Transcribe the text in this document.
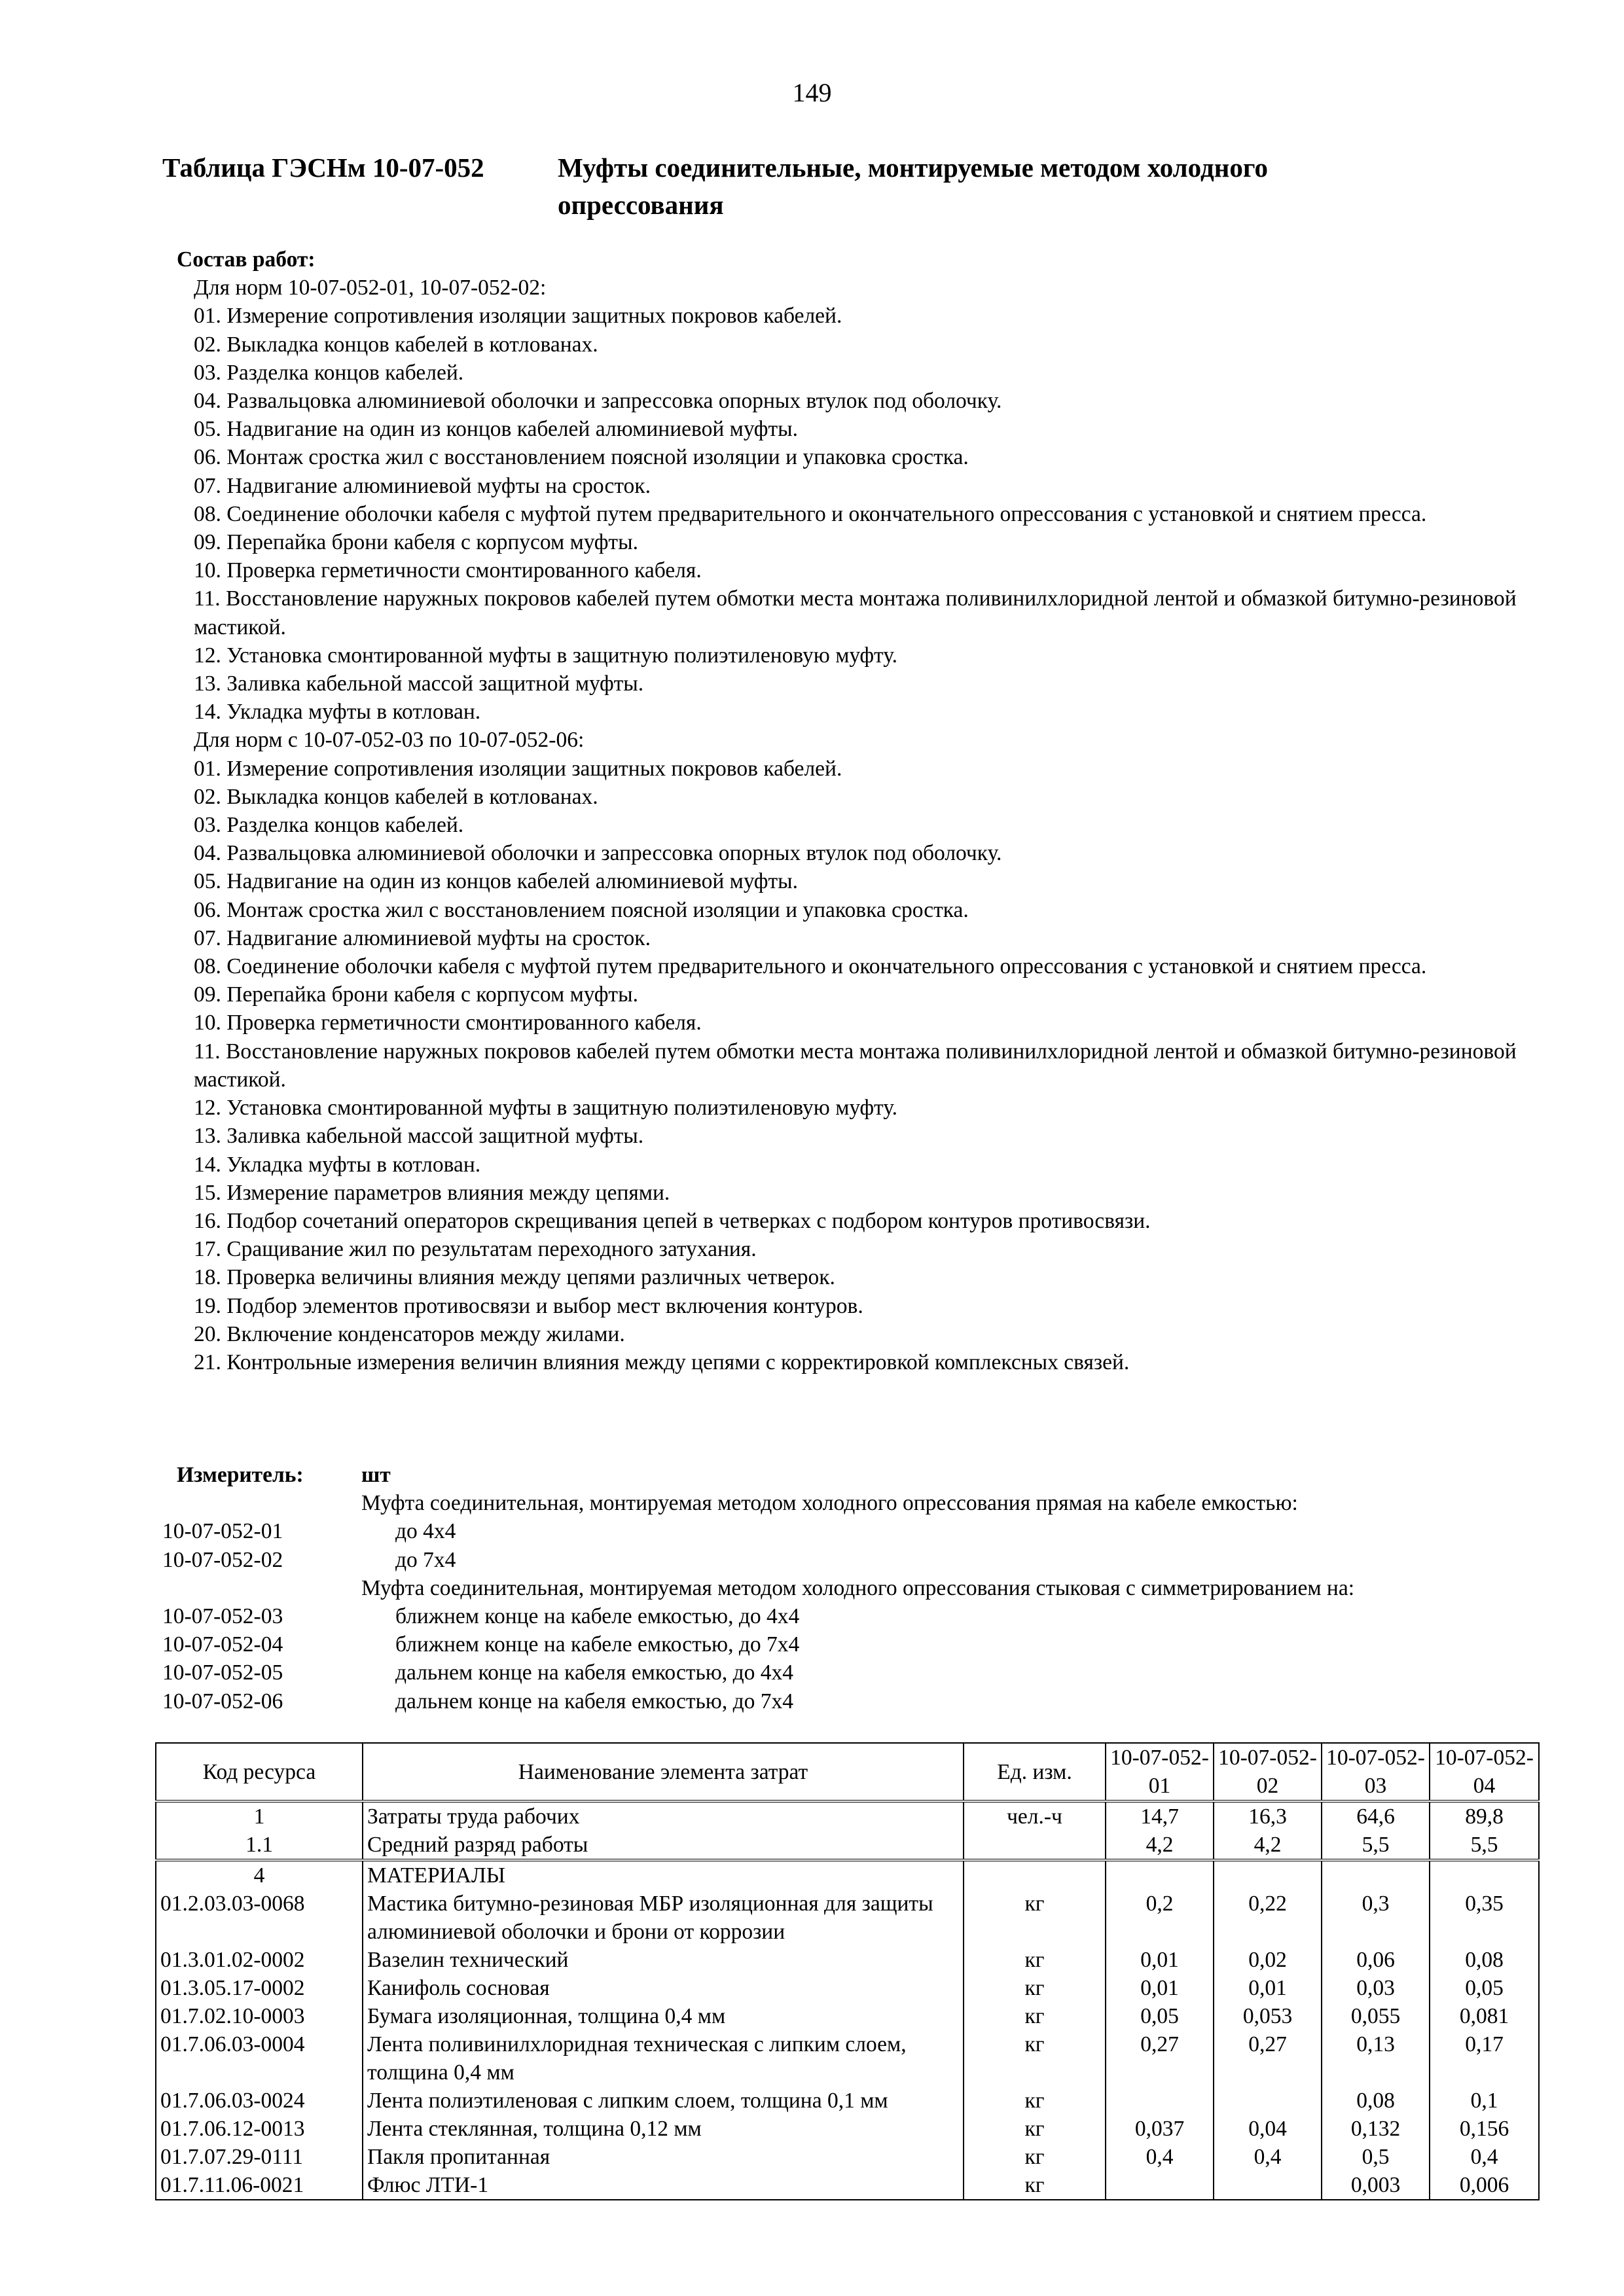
149
Таблица ГЭСНм 10-07-052	Муфты соединительные, монтируемые методом холодного опрессования
Состав работ:
Для норм 10-07-052-01, 10-07-052-02:
01. Измерение сопротивления изоляции защитных покровов кабелей.
02. Выкладка концов кабелей в котлованах.
03. Разделка концов кабелей.
04. Развальцовка алюминиевой оболочки и запрессовка опорных втулок под оболочку.
05. Надвигание на один из концов кабелей алюминиевой муфты.
06. Монтаж сростка жил с восстановлением поясной изоляции и упаковка сростка.
07. Надвигание алюминиевой муфты на сросток.
08. Соединение оболочки кабеля с муфтой путем предварительного и окончательного опрессования с установкой и снятием пресса.
09. Перепайка брони кабеля с корпусом муфты.
10. Проверка герметичности смонтированного кабеля.
11. Восстановление наружных покровов кабелей путем обмотки места монтажа поливинилхлоридной лентой и обмазкой битумно-резиновой мастикой.
12. Установка смонтированной муфты в защитную полиэтиленовую муфту.
13. Заливка кабельной массой защитной муфты.
14. Укладка муфты в котлован.
Для норм с 10-07-052-03 по 10-07-052-06:
01. Измерение сопротивления изоляции защитных покровов кабелей.
02. Выкладка концов кабелей в котлованах.
03. Разделка концов кабелей.
04. Развальцовка алюминиевой оболочки и запрессовка опорных втулок под оболочку.
05. Надвигание на один из концов кабелей алюминиевой муфты.
06. Монтаж сростка жил с восстановлением поясной изоляции и упаковка сростка.
07. Надвигание алюминиевой муфты на сросток.
08. Соединение оболочки кабеля с муфтой путем предварительного и окончательного опрессования с установкой и снятием пресса.
09. Перепайка брони кабеля с корпусом муфты.
10. Проверка герметичности смонтированного кабеля.
11. Восстановление наружных покровов кабелей путем обмотки места монтажа поливинилхлоридной лентой и обмазкой битумно-резиновой мастикой.
12. Установка смонтированной муфты в защитную полиэтиленовую муфту.
13. Заливка кабельной массой защитной муфты.
14. Укладка муфты в котлован.
15. Измерение параметров влияния между цепями.
16. Подбор сочетаний операторов скрещивания цепей в четверках с подбором контуров противосвязи.
17. Сращивание жил по результатам переходного затухания.
18. Проверка величины влияния между цепями различных четверок.
19. Подбор элементов противосвязи и выбор мест включения контуров.
20. Включение конденсаторов между жилами.
21. Контрольные измерения величин влияния между цепями с корректировкой комплексных связей.
Измеритель:	шт
Муфта соединительная, монтируемая методом холодного опрессования прямая на кабеле емкостью:
10-07-052-01	до 4х4
10-07-052-02	до 7х4
Муфта соединительная, монтируемая методом холодного опрессования стыковая с симметрированием на:
10-07-052-03	ближнем конце на кабеле емкостью, до 4х4
10-07-052-04	ближнем конце на кабеле емкостью, до 7х4
10-07-052-05	дальнем конце на кабеля емкостью, до 4х4
10-07-052-06	дальнем конце на кабеля емкостью, до 7х4
Код ресурса	Наименование элемента затрат	Ед. изм.	10-07-052-01	10-07-052-02	10-07-052-03	10-07-052-04
1	Затраты труда рабочих	чел.-ч	14,7	16,3	64,6	89,8
1.1	Средний разряд работы		4,2	4,2	5,5	5,5
4	МАТЕРИАЛЫ					
01.2.03.03-0068	Мастика битумно-резиновая МБР изоляционная для защиты алюминиевой оболочки и брони от коррозии	кг	0,2	0,22	0,3	0,35
01.3.01.02-0002	Вазелин технический	кг	0,01	0,02	0,06	0,08
01.3.05.17-0002	Канифоль сосновая	кг	0,01	0,01	0,03	0,05
01.7.02.10-0003	Бумага изоляционная, толщина 0,4 мм	кг	0,05	0,053	0,055	0,081
01.7.06.03-0004	Лента поливинилхлоридная техническая с липким слоем, толщина 0,4 мм	кг	0,27	0,27	0,13	0,17
01.7.06.03-0024	Лента полиэтиленовая с липким слоем, толщина 0,1 мм	кг			0,08	0,1
01.7.06.12-0013	Лента стеклянная, толщина 0,12 мм	кг	0,037	0,04	0,132	0,156
01.7.07.29-0111	Пакля пропитанная	кг	0,4	0,4	0,5	0,4
01.7.11.06-0021	Флюс ЛТИ-1	кг			0,003	0,006
